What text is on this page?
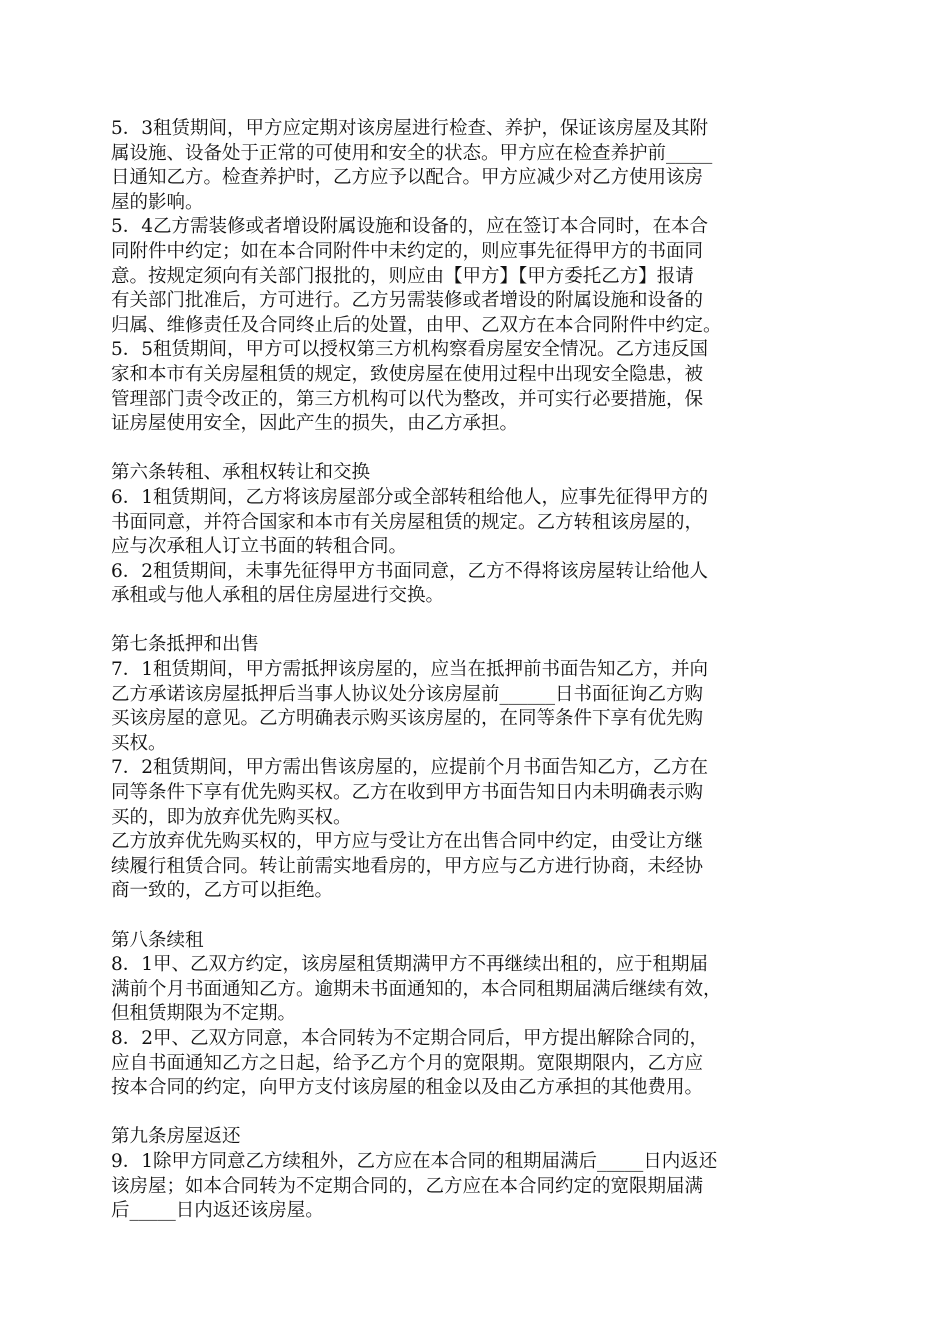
5．3租赁期间，甲方应定期对该房屋进行检查、养护，保证该房屋及其附
属设施、设备处于正常的可使用和安全的状态。甲方应在检查养护前_____
日通知乙方。检查养护时，乙方应予以配合。甲方应减少对乙方使用该房
屋的影响。
5．4乙方需装修或者增设附属设施和设备的，应在签订本合同时，在本合
同附件中约定；如在本合同附件中未约定的，则应事先征得甲方的书面同
意。按规定须向有关部门报批的，则应由【甲方】【甲方委托乙方】报请
有关部门批准后，方可进行。乙方另需装修或者增设的附属设施和设备的
归属、维修责任及合同终止后的处置，由甲、乙双方在本合同附件中约定。
5．5租赁期间，甲方可以授权第三方机构察看房屋安全情况。乙方违反国
家和本市有关房屋租赁的规定，致使房屋在使用过程中出现安全隐患，被
管理部门责令改正的，第三方机构可以代为整改，并可实行必要措施，保
证房屋使用安全，因此产生的损失，由乙方承担。
第六条转租、承租权转让和交换
6．1租赁期间，乙方将该房屋部分或全部转租给他人，应事先征得甲方的
书面同意，并符合国家和本市有关房屋租赁的规定。乙方转租该房屋的，
应与次承租人订立书面的转租合同。
6．2租赁期间，未事先征得甲方书面同意，乙方不得将该房屋转让给他人
承租或与他人承租的居住房屋进行交换。
第七条抵押和出售
7．1租赁期间，甲方需抵押该房屋的，应当在抵押前书面告知乙方，并向
乙方承诺该房屋抵押后当事人协议处分该房屋前______日书面征询乙方购
买该房屋的意见。乙方明确表示购买该房屋的，在同等条件下享有优先购
买权。
7．2租赁期间，甲方需出售该房屋的，应提前个月书面告知乙方，乙方在
同等条件下享有优先购买权。乙方在收到甲方书面告知日内未明确表示购
买的，即为放弃优先购买权。
乙方放弃优先购买权的，甲方应与受让方在出售合同中约定，由受让方继
续履行租赁合同。转让前需实地看房的，甲方应与乙方进行协商，未经协
商一致的，乙方可以拒绝。
第八条续租
8．1甲、乙双方约定，该房屋租赁期满甲方不再继续出租的，应于租期届
满前个月书面通知乙方。逾期未书面通知的，本合同租期届满后继续有效，
但租赁期限为不定期。
8．2甲、乙双方同意，本合同转为不定期合同后，甲方提出解除合同的，
应自书面通知乙方之日起，给予乙方个月的宽限期。宽限期限内，乙方应
按本合同的约定，向甲方支付该房屋的租金以及由乙方承担的其他费用。
第九条房屋返还
9．1除甲方同意乙方续租外，乙方应在本合同的租期届满后_____日内返还
该房屋；如本合同转为不定期合同的，乙方应在本合同约定的宽限期届满
后_____日内返还该房屋。
